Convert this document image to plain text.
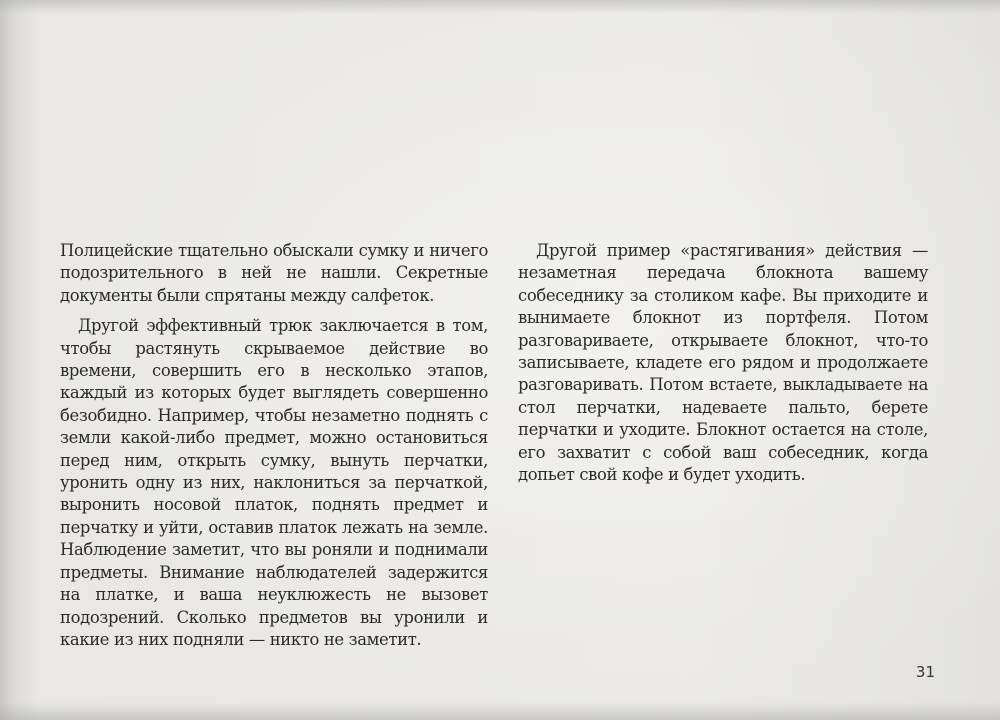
Полицейские тщательно обыскали сумку и ничего подозрительного в ней не нашли. Секретные документы были спрятаны между салфеток.

Другой эффективный трюк заключается в том, чтобы растянуть скрываемое действие во времени, совершить его в несколько этапов, каждый из которых будет выглядеть совершенно безобидно. Например, чтобы незаметно поднять с земли какой-либо предмет, можно остановиться перед ним, открыть сумку, вынуть перчатки, уронить одну из них, наклониться за перчаткой, выронить носовой платок, поднять предмет и перчатку и уйти, оставив платок лежать на земле. Наблюдение заметит, что вы роняли и поднимали предметы. Внимание наблюдателей задержится на платке, и ваша неуклюжесть не вызовет подозрений. Сколько предметов вы уронили и какие из них подняли — никто не заметит.

Другой пример «растягивания» действия — незаметная передача блокнота вашему собеседнику за столиком кафе. Вы приходите и вынимаете блокнот из портфеля. Потом разговариваете, открываете блокнот, что-то записываете, кладете его рядом и продолжаете разговаривать. Потом встаете, выкладываете на стол перчатки, надеваете пальто, берете перчатки и уходите. Блокнот остается на столе, его захватит с собой ваш собеседник, когда допьет свой кофе и будет уходить.

31
